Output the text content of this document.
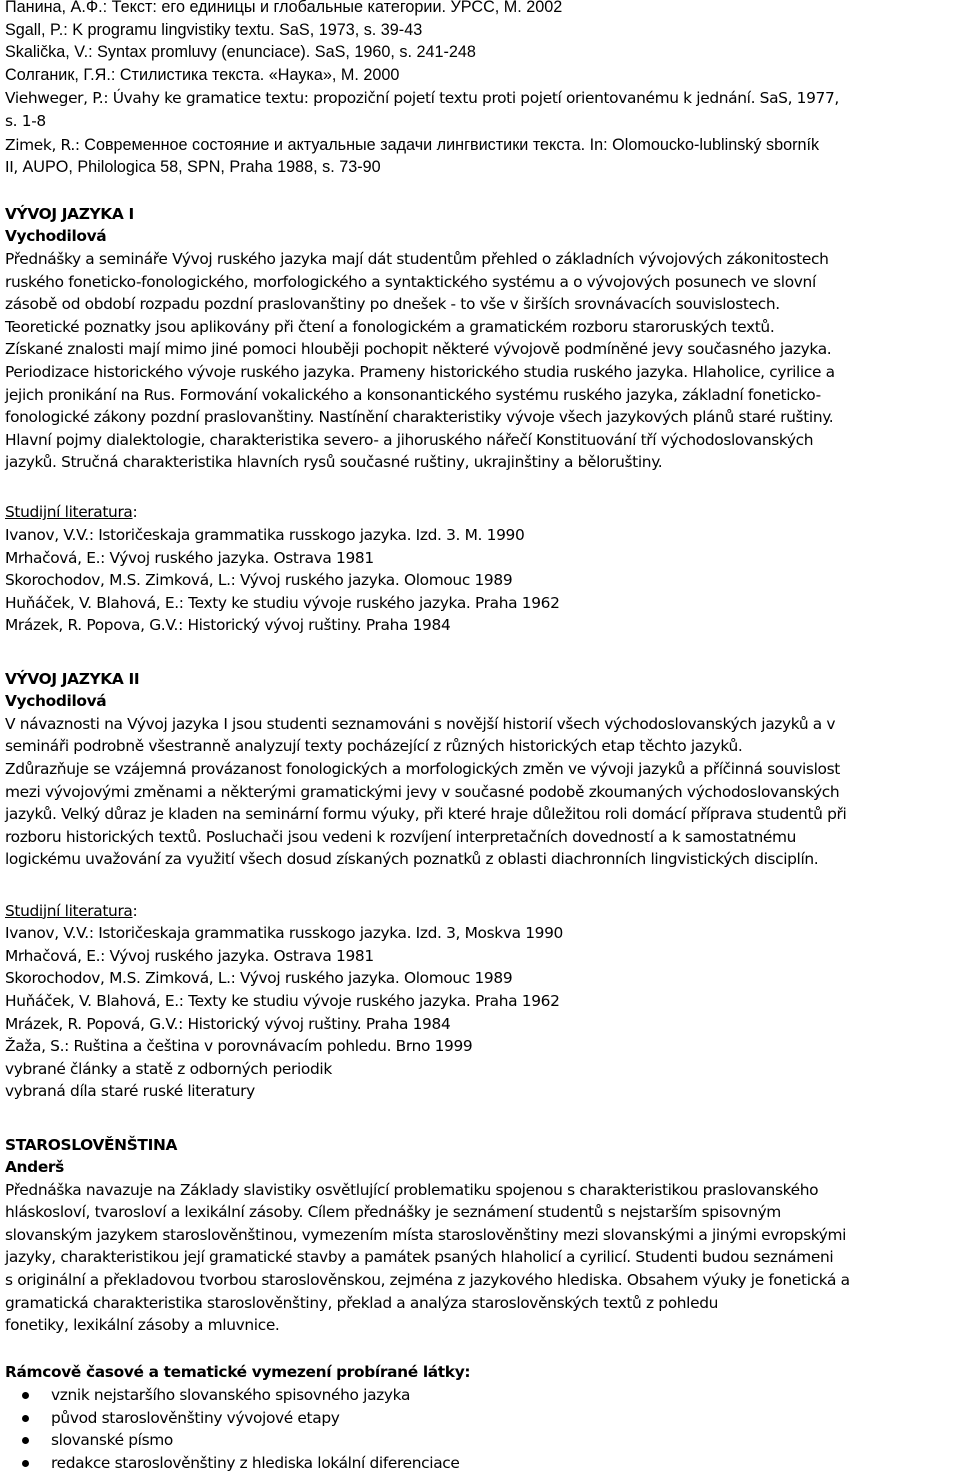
Панина, А.Ф.: Текст: его единицы и глобальные категории. УРСС, М. 2002
Sgall, P.: K programu lingvistiky textu. SaS, 1973, s. 39-43
Skalička, V.: Syntax promluvy (enunciace). SaS, 1960, s. 241-248
Солганик, Г.Я.: Стилистика текста. «Наука», М. 2000
Viehweger, P.: Úvahy ke gramatice textu: propoziční pojetí textu proti pojetí orientovanému k jednání. SaS, 1977,
s. 1-8
Zimek, R.: Современное состояние и актуальные задачи лингвистики текста. In: Olomoucko-lublinský sborník
II, AUPO, Philologica 58, SPN, Praha 1988, s. 73-90
VÝVOJ JAZYKA I
Vychodilová
Přednášky a semináře Vývoj ruského jazyka mají dát studentům přehled o základních vývojových zákonitostech
ruského foneticko-fonologického, morfologického a syntaktického systému a o vývojových posunech ve slovní
zásobě od období rozpadu pozdní praslovanštiny po dnešek - to vše v širších srovnávacích souvislostech.
Teoretické poznatky jsou aplikovány při čtení a fonologickém a gramatickém rozboru staroruských textů.
Získané znalosti mají mimo jiné pomoci hlouběji pochopit některé vývojově podmíněné jevy současného jazyka.
Periodizace historického vývoje ruského jazyka. Prameny historického studia ruského jazyka. Hlaholice, cyrilice a
jejich pronikání na Rus. Formování vokalického a konsonantického systému ruského jazyka, základní foneticko-
fonologické zákony pozdní praslovanštiny. Nastínění charakteristiky vývoje všech jazykových plánů staré ruštiny.
Hlavní pojmy dialektologie, charakteristika severo- a jihoruského nářečí Konstituování tří východoslovanských
jazyků. Stručná charakteristika hlavních rysů současné ruštiny, ukrajinštiny a běloruštiny.
Studijní literatura:
Ivanov, V.V.: Istoričeskaja grammatika russkogo jazyka. Izd. 3. M. 1990
Mrhačová, E.: Vývoj ruského jazyka. Ostrava 1981
Skorochodov, M.S. Zimková, L.: Vývoj ruského jazyka. Olomouc 1989
Huňáček, V. Blahová, E.: Texty ke studiu vývoje ruského jazyka. Praha 1962
Mrázek, R. Popova, G.V.: Historický vývoj ruštiny. Praha 1984
VÝVOJ JAZYKA II
Vychodilová
V návaznosti na Vývoj jazyka I jsou studenti seznamováni s novější historií všech východoslovanských jazyků a v
semináři podrobně všestranně analyzují texty pocházející z různých historických etap těchto jazyků.
Zdůrazňuje se vzájemná provázanost fonologických a morfologických změn ve vývoji jazyků a příčinná souvislost
mezi vývojovými změnami a některými gramatickými jevy v současné podobě zkoumaných východoslovanských
jazyků. Velký důraz je kladen na seminární formu výuky, při které hraje důležitou roli domácí příprava studentů při
rozboru historických textů. Posluchači jsou vedeni k rozvíjení interpretačních dovedností a k samostatnému
logickému uvažování za využití všech dosud získaných poznatků z oblasti diachronních lingvistických disciplín.
Studijní literatura:
Ivanov, V.V.: Istoričeskaja grammatika russkogo jazyka. Izd. 3, Moskva 1990
Mrhačová, E.: Vývoj ruského jazyka. Ostrava 1981
Skorochodov, M.S. Zimková, L.: Vývoj ruského jazyka. Olomouc 1989
Huňáček, V. Blahová, E.: Texty ke studiu vývoje ruského jazyka. Praha 1962
Mrázek, R. Popová, G.V.: Historický vývoj ruštiny. Praha 1984
Žaža, S.: Ruština a čeština v porovnávacím pohledu. Brno 1999
vybrané články a statě z odborných periodik
vybraná díla staré ruské literatury
STAROSLOVĚNŠTINA
Anderš
Přednáška navazuje na Základy slavistiky osvětlující problematiku spojenou s charakteristikou praslovanského
hláskosloví, tvarosloví a lexikální zásoby. Cílem přednášky je seznámení studentů s nejstarším spisovným
slovanským jazykem staroslověnštinou, vymezením místa staroslověnštiny mezi slovanskými a jinými evropskými
jazyky, charakteristikou její gramatické stavby a památek psaných hlaholicí a cyrilicí. Studenti budou seznámeni
s originální a překladovou tvorbou staroslověnskou, zejména z jazykového hlediska. Obsahem výuky je fonetická a
gramatická charakteristika staroslověnštiny, překlad a analýza staroslověnských textů z pohledu
fonetiky, lexikální zásoby a mluvnice.
Rámcově časové a tematické vymezení probírané látky:
vznik nejstaršího slovanského spisovného jazyka
původ staroslověnštiny vývojové etapy
slovanské písmo
redakce staroslověnštiny z hlediska lokální diferenciace
